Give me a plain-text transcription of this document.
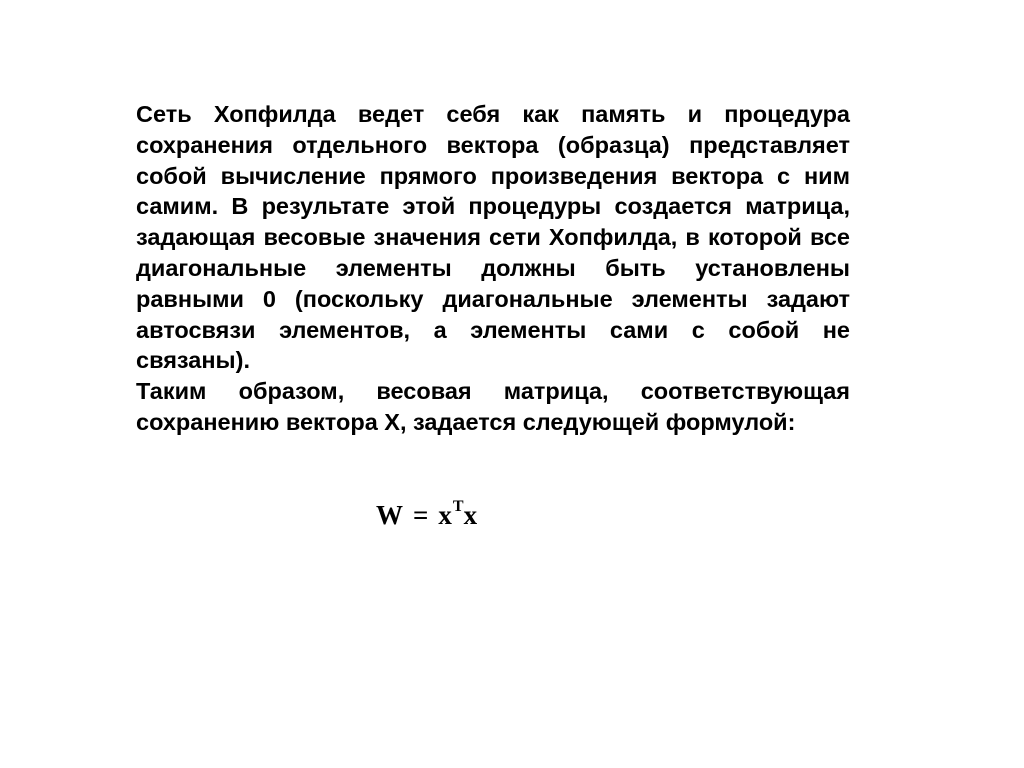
Сеть Хопфилда ведет себя как память и процедура сохранения отдельного вектора (образца) представляет собой вычисление прямого произведения вектора с ним самим. В результате этой процедуры создается матрица, задающая весовые значения сети Хопфилда, в которой все диагональные элементы должны быть установлены равными 0 (поскольку диагональные элементы задают автосвязи элементов, а элементы сами с собой не связаны).

Таким образом, весовая матрица, соответствующая сохранению вектора X, задается следующей формулой:

W = xTx
